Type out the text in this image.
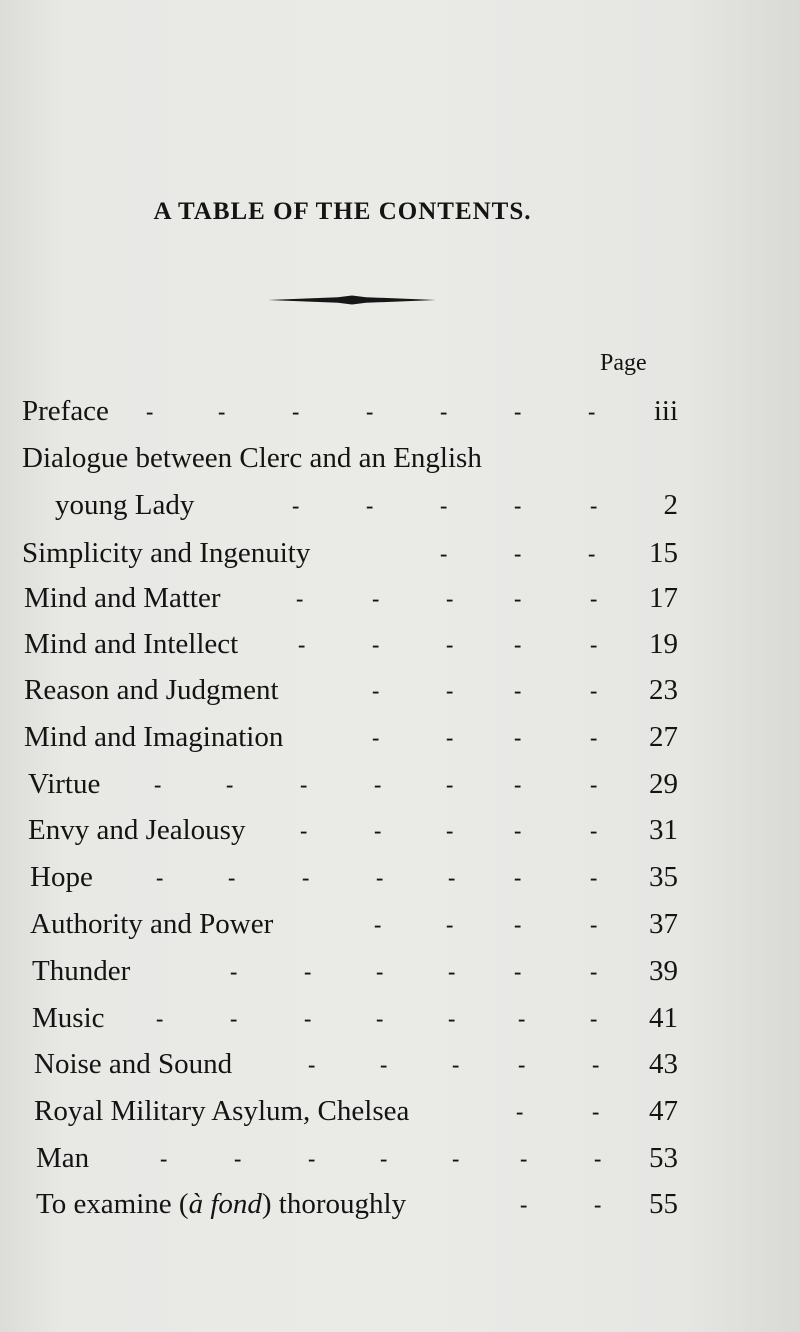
A TABLE OF THE CONTENTS.
Page
Preface -	-	-	-	-	-	- iii
Dialogue between Clerc and an English
young Lady	-	-	-	-	- 2
Simplicity and Ingenuity	-	-	- 15
Mind and Matter	-	-	-	-	- 17
Mind and Intellect	-	-	-	-	- 19
Reason and Judgment	-	-	-	- 23
Mind and Imagination	-	-	-	- 27
Virtue -	-	-	-	-	-	- 29
Envy and Jealousy -	-	-	-	- 31
Hope	-	-	-	-	-	-	- 35
Authority and Power	-	-	-	- 37
Thunder	-	-	-	-	-	- 39
Music -	-	-	-	-	-	- 41
Noise and Sound	-	-	-	-	- 43
Royal Military Asylum, Chelsea	-	- 47
Man	-	-	-	-	-	-	- 53
To examine (à fond) thoroughly	-	- 55
